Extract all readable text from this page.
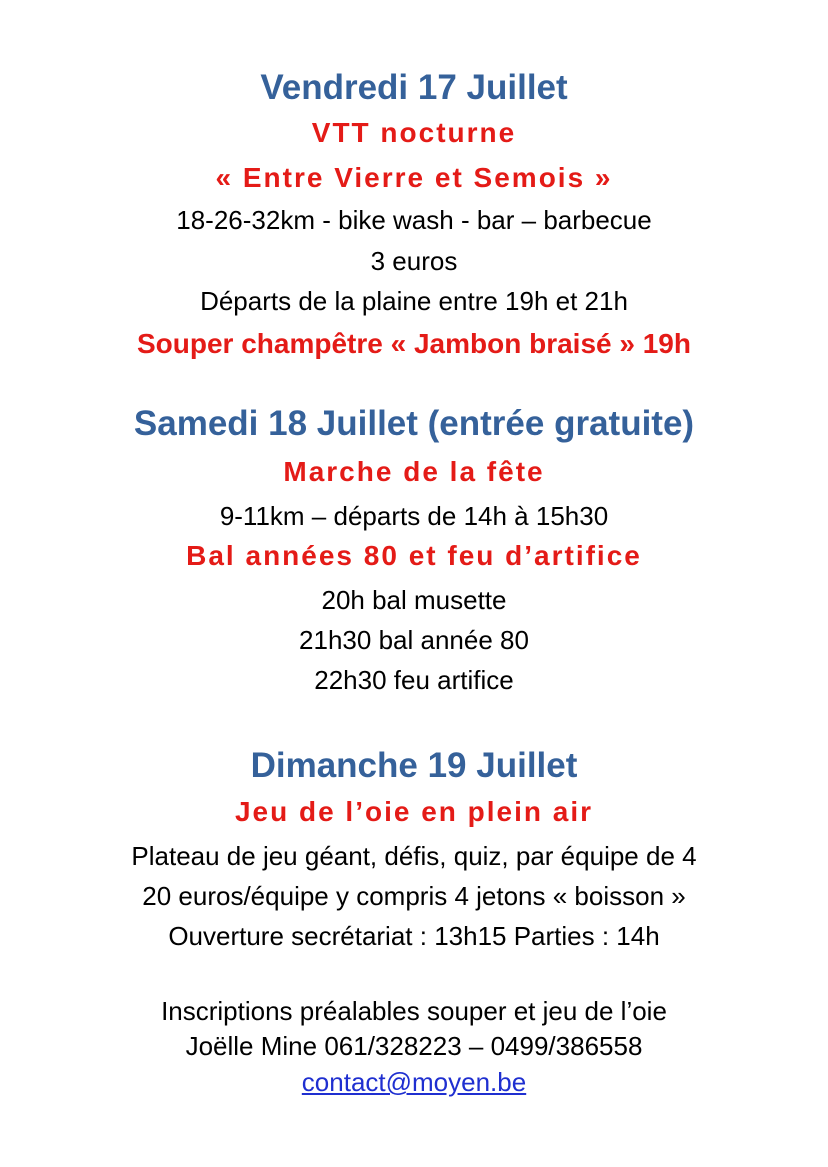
Vendredi 17 Juillet
VTT nocturne
« Entre Vierre et Semois »
18-26-32km - bike wash - bar – barbecue
3 euros
Départs de la plaine entre 19h et 21h
Souper champêtre « Jambon braisé » 19h
Samedi 18 Juillet (entrée gratuite)
Marche de la fête
9-11km – départs de 14h à 15h30
Bal années 80 et feu d’artifice
20h bal musette
21h30 bal année 80
22h30 feu artifice
Dimanche 19 Juillet
Jeu de l’oie en plein air
Plateau de jeu géant, défis, quiz, par équipe de 4
20 euros/équipe y compris 4 jetons « boisson »
Ouverture secrétariat : 13h15 Parties : 14h
Inscriptions préalables souper et jeu de l’oie
Joëlle Mine 061/328223 – 0499/386558
contact@moyen.be
